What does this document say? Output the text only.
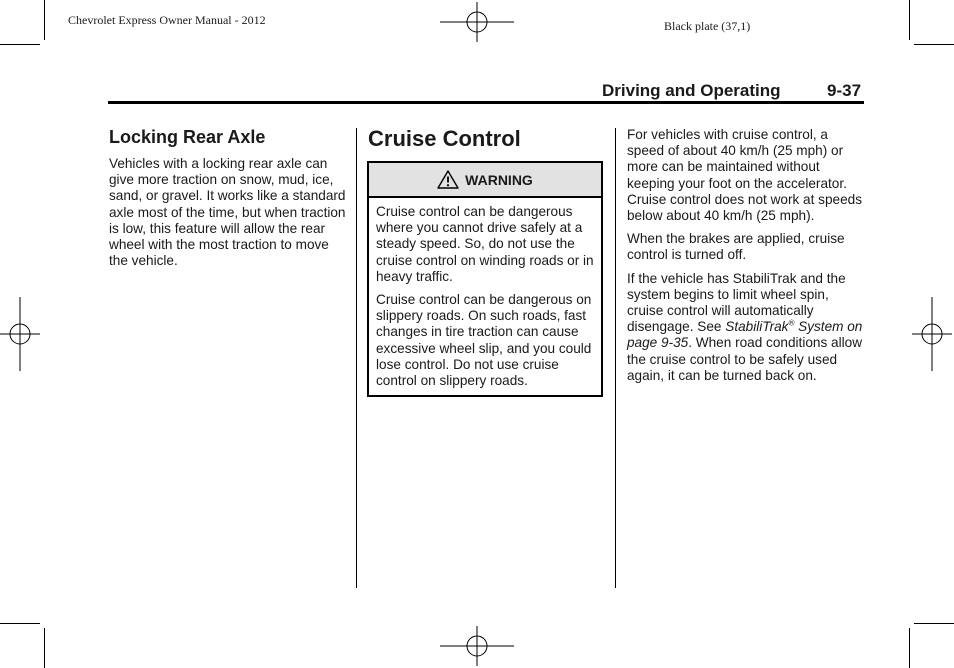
Chevrolet Express Owner Manual - 2012	Black plate (37,1)
Driving and Operating	9-37
Locking Rear Axle

Vehicles with a locking rear axle can give more traction on snow, mud, ice, sand, or gravel. It works like a standard axle most of the time, but when traction is low, this feature will allow the rear wheel with the most traction to move the vehicle.

Cruise Control
WARNING

Cruise control can be dangerous where you cannot drive safely at a steady speed. So, do not use the cruise control on winding roads or in heavy traffic.

Cruise control can be dangerous on slippery roads. On such roads, fast changes in tire traction can cause excessive wheel slip, and you could lose control. Do not use cruise control on slippery roads.

For vehicles with cruise control, a speed of about 40 km/h (25 mph) or more can be maintained without keeping your foot on the accelerator. Cruise control does not work at speeds below about 40 km/h (25 mph).

When the brakes are applied, cruise control is turned off.

If the vehicle has StabiliTrak and the system begins to limit wheel spin, cruise control will automatically disengage. See StabiliTrak® System on page 9-35. When road conditions allow the cruise control to be safely used again, it can be turned back on.
